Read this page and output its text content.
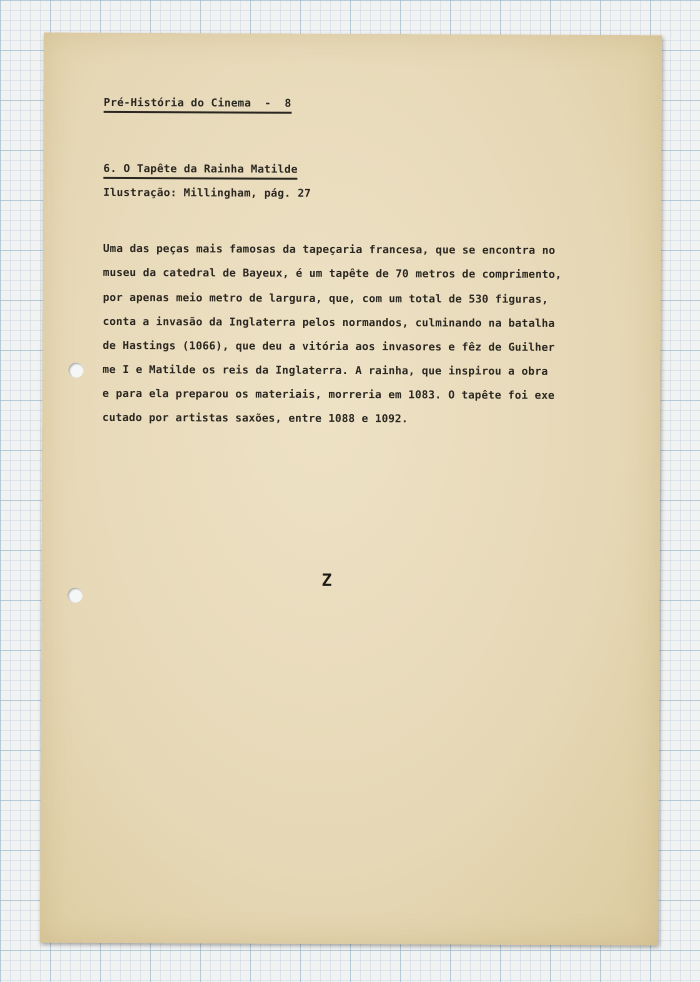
Pré-História do Cinema  -  8
6. O Tapête da Rainha Matilde
Ilustração: Millingham, pág. 27
Uma das peças mais famosas da tapeçaria francesa, que se encontra no
museu da catedral de Bayeux, é um tapête de 70 metros de comprimento,
por apenas meio metro de largura, que, com um total de 530 figuras,
conta a invasão da Inglaterra pelos normandos, culminando na batalha
de Hastings (1066), que deu a vitória aos invasores e fêz de Guilher
me I e Matilde os reis da Inglaterra. A rainha, que inspirou a obra
e para ela preparou os materiais, morreria em 1083. O tapête foi exe
cutado por artistas saxões, entre 1088 e 1092.
Z
